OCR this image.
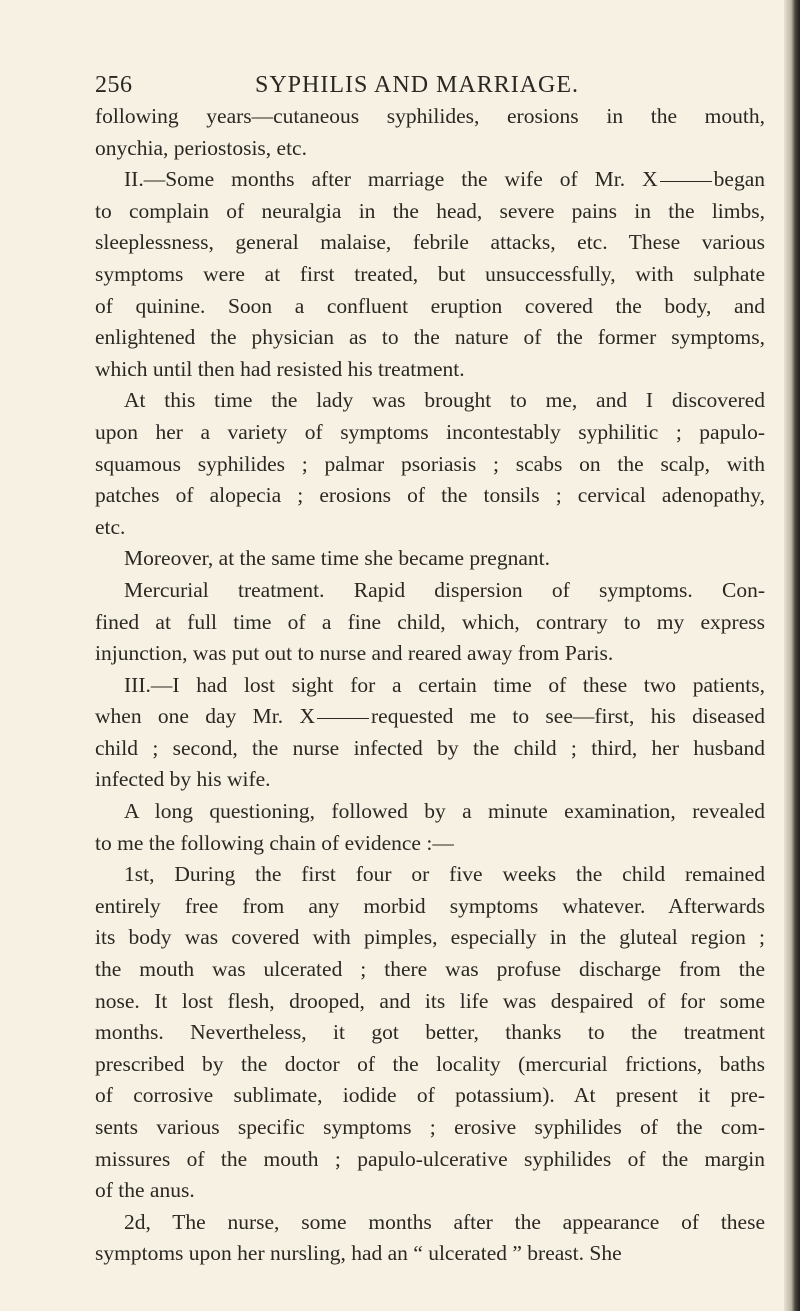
256	SYPHILIS AND MARRIAGE.
following years—cutaneous syphilides, erosions in the mouth,
onychia, periostosis, etc.
II.—Some months after marriage the wife of Mr. X	began
to complain of neuralgia in the head, severe pains in the limbs,
sleeplessness, general malaise, febrile attacks, etc. These various
symptoms were at first treated, but unsuccessfully, with sulphate
of quinine. Soon a confluent eruption covered the body, and
enlightened the physician as to the nature of the former symptoms,
which until then had resisted his treatment.
At this time the lady was brought to me, and I discovered
upon her a variety of symptoms incontestably syphilitic ; papulo-
squamous syphilides ; palmar psoriasis ; scabs on the scalp, with
patches of alopecia ; erosions of the tonsils ; cervical adenopathy,
etc.
Moreover, at the same time she became pregnant.
Mercurial treatment. Rapid dispersion of symptoms. Con-
fined at full time of a fine child, which, contrary to my express
injunction, was put out to nurse and reared away from Paris.
III.—I had lost sight for a certain time of these two patients,
when one day Mr. X	requested me to see—first, his diseased
child ; second, the nurse infected by the child ; third, her husband
infected by his wife.
A long questioning, followed by a minute examination, revealed
to me the following chain of evidence :—
1st, During the first four or five weeks the child remained
entirely free from any morbid symptoms whatever. Afterwards
its body was covered with pimples, especially in the gluteal region ;
the mouth was ulcerated ; there was profuse discharge from the
nose. It lost flesh, drooped, and its life was despaired of for some
months. Nevertheless, it got better, thanks to the treatment
prescribed by the doctor of the locality (mercurial frictions, baths
of corrosive sublimate, iodide of potassium). At present it pre-
sents various specific symptoms ; erosive syphilides of the com-
missures of the mouth ; papulo-ulcerative syphilides of the margin
of the anus.
2d, The nurse, some months after the appearance of these
symptoms upon her nursling, had an “ ulcerated ” breast. She
